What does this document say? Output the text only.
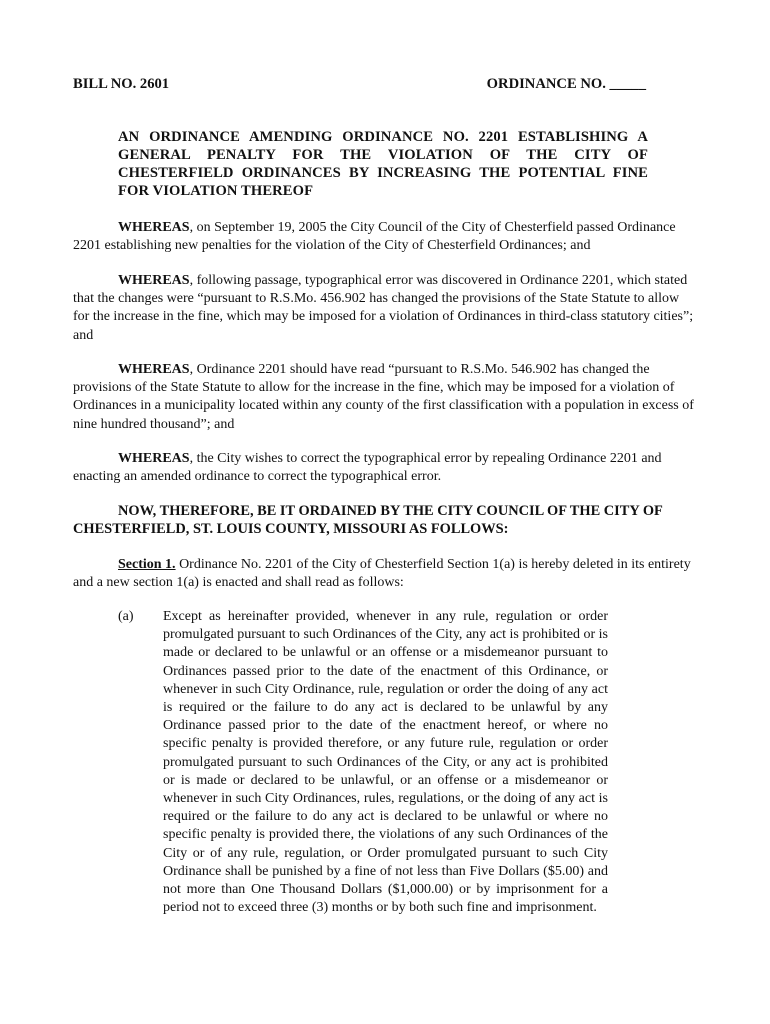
BILL NO. 2601	ORDINANCE NO. _____
AN ORDINANCE AMENDING ORDINANCE NO. 2201 ESTABLISHING A GENERAL PENALTY FOR THE VIOLATION OF THE CITY OF CHESTERFIELD ORDINANCES BY INCREASING THE POTENTIAL FINE FOR VIOLATION THEREOF

WHEREAS, on September 19, 2005 the City Council of the City of Chesterfield passed Ordinance 2201 establishing new penalties for the violation of the City of Chesterfield Ordinances; and

WHEREAS, following passage, typographical error was discovered in Ordinance 2201, which stated that the changes were “pursuant to R.S.Mo. 456.902 has changed the provisions of the State Statute to allow for the increase in the fine, which may be imposed for a violation of Ordinances in third-class statutory cities”; and

WHEREAS, Ordinance 2201 should have read “pursuant to R.S.Mo. 546.902 has changed the provisions of the State Statute to allow for the increase in the fine, which may be imposed for a violation of Ordinances in a municipality located within any county of the first classification with a population in excess of nine hundred thousand”; and

WHEREAS, the City wishes to correct the typographical error by repealing Ordinance 2201 and enacting an amended ordinance to correct the typographical error.

NOW, THEREFORE, BE IT ORDAINED BY THE CITY COUNCIL OF THE CITY OF CHESTERFIELD, ST. LOUIS COUNTY, MISSOURI AS FOLLOWS:

Section 1. Ordinance No. 2201 of the City of Chesterfield Section 1(a) is hereby deleted in its entirety and a new section 1(a) is enacted and shall read as follows:

(a)	Except as hereinafter provided, whenever in any rule, regulation or order promulgated pursuant to such Ordinances of the City, any act is prohibited or is made or declared to be unlawful or an offense or a misdemeanor pursuant to Ordinances passed prior to the date of the enactment of this Ordinance, or whenever in such City Ordinance, rule, regulation or order the doing of any act is required or the failure to do any act is declared to be unlawful by any Ordinance passed prior to the date of the enactment hereof, or where no specific penalty is provided therefore, or any future rule, regulation or order promulgated pursuant to such Ordinances of the City, or any act is prohibited or is made or declared to be unlawful, or an offense or a misdemeanor or whenever in such City Ordinances, rules, regulations, or the doing of any act is required or the failure to do any act is declared to be unlawful or where no specific penalty is provided there, the violations of any such Ordinances of the City or of any rule, regulation, or Order promulgated pursuant to such City Ordinance shall be punished by a fine of not less than Five Dollars ($5.00) and not more than One Thousand Dollars ($1,000.00) or by imprisonment for a period not to exceed three (3) months or by both such fine and imprisonment.
